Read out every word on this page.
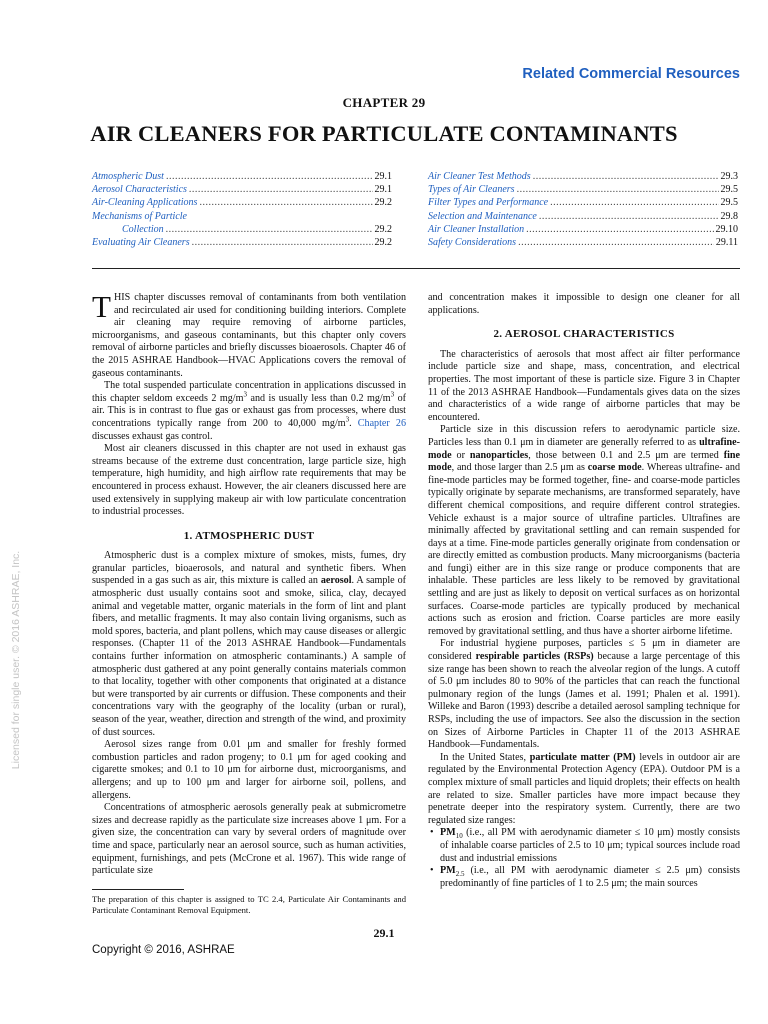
Related Commercial Resources
CHAPTER 29
AIR CLEANERS FOR PARTICULATE CONTAMINANTS
Atmospheric Dust .....	29.1
Aerosol Characteristics .....	29.1
Air-Cleaning Applications .....	29.2
Mechanisms of Particle
Collection .....	29.2
Evaluating Air Cleaners .....	29.2
Air Cleaner Test Methods .....	29.3
Types of Air Cleaners .....	29.5
Filter Types and Performance .....	29.5
Selection and Maintenance .....	29.8
Air Cleaner Installation .....	29.10
Safety Considerations .....	29.11
Licensed for single user. © 2016 ASHRAE, Inc.

THIS chapter discusses removal of contaminants from both ventilation and recirculated air used for conditioning building interiors. Complete air cleaning may require removing of airborne particles, microorganisms, and gaseous contaminants, but this chapter only covers removal of airborne particles and briefly discusses bioaerosols. Chapter 46 of the 2015 ASHRAE Handbook—HVAC Applications covers the removal of gaseous contaminants.

The total suspended particulate concentration in applications discussed in this chapter seldom exceeds 2 $mg/m^3$ and is usually less than 0.2 $mg/m^3$ of air. This is in contrast to flue gas or exhaust gas from processes, where dust concentrations typically range from 200 to 40,000 $mg/m^3$. Chapter 26 discusses exhaust gas control.

Most air cleaners discussed in this chapter are not used in exhaust gas streams because of the extreme dust concentration, large particle size, high temperature, high humidity, and high airflow rate requirements that may be encountered in process exhaust. However, the air cleaners discussed here are used extensively in supplying makeup air with low particulate concentration to industrial processes.

1. ATMOSPHERIC DUST

Atmospheric dust is a complex mixture of smokes, mists, fumes, dry granular particles, bioaerosols, and natural and synthetic fibers. When suspended in a gas such as air, this mixture is called an aerosol. A sample of atmospheric dust usually contains soot and smoke, silica, clay, decayed animal and vegetable matter, organic materials in the form of lint and plant fibers, and metallic fragments. It may also contain living organisms, such as mold spores, bacteria, and plant pollens, which may cause diseases or allergic responses. (Chapter 11 of the 2013 ASHRAE Handbook—Fundamentals contains further information on atmospheric contaminants.) A sample of atmospheric dust gathered at any point generally contains materials common to that locality, together with other components that originated at a distance but were transported by air currents or diffusion. These components and their concentrations vary with the geography of the locality (urban or rural), season of the year, weather, direction and strength of the wind, and proximity of dust sources.

Aerosol sizes range from 0.01 μm and smaller for freshly formed combustion particles and radon progeny; to 0.1 μm for aged cooking and cigarette smokes; and 0.1 to 10 μm for airborne dust, microorganisms, and allergens; and up to 100 μm and larger for airborne soil, pollens, and allergens.

Concentrations of atmospheric aerosols generally peak at submicrometre sizes and decrease rapidly as the particulate size increases above 1 μm. For a given size, the concentration can vary by several orders of magnitude over time and space, particularly near an aerosol source, such as human activities, equipment, furnishings, and pets (McCrone et al. 1967). This wide range of particulate size

and concentration makes it impossible to design one cleaner for all applications.

2. AEROSOL CHARACTERISTICS

The characteristics of aerosols that most affect air filter performance include particle size and shape, mass, concentration, and electrical properties. The most important of these is particle size. Figure 3 in Chapter 11 of the 2013 ASHRAE Handbook—Fundamentals gives data on the sizes and characteristics of a wide range of airborne particles that may be encountered.

Particle size in this discussion refers to aerodynamic particle size. Particles less than 0.1 μm in diameter are generally referred to as ultrafine-mode or nanoparticles, those between 0.1 and 2.5 μm are termed fine mode, and those larger than 2.5 μm as coarse mode. Whereas ultrafine- and fine-mode particles may be formed together, fine- and coarse-mode particles typically originate by separate mechanisms, are transformed separately, have different chemical compositions, and require different control strategies. Vehicle exhaust is a major source of ultrafine particles. Ultrafines are minimally affected by gravitational settling and can remain suspended for days at a time. Fine-mode particles generally originate from condensation or are directly emitted as combustion products. Many microorganisms (bacteria and fungi) either are in this size range or produce components that are inhalable. These particles are less likely to be removed by gravitational settling and are just as likely to deposit on vertical surfaces as on horizontal surfaces. Coarse-mode particles are typically produced by mechanical actions such as erosion and friction. Coarse particles are more easily removed by gravitational settling, and thus have a shorter airborne lifetime.

For industrial hygiene purposes, particles ≤ 5 μm in diameter are considered respirable particles (RSPs) because a large percentage of this size range has been shown to reach the alveolar region of the lungs. A cutoff of 5.0 μm includes 80 to 90% of the particles that can reach the functional pulmonary region of the lungs (James et al. 1991; Phalen et al. 1991). Willeke and Baron (1993) describe a detailed aerosol sampling technique for RSPs, including the use of impactors. See also the discussion in the section on Sizes of Airborne Particles in Chapter 11 of the 2013 ASHRAE Handbook—Fundamentals.

In the United States, particulate matter (PM) levels in outdoor air are regulated by the Environmental Protection Agency (EPA). Outdoor PM is a complex mixture of small particles and liquid droplets; their effects on health are related to size. Smaller particles have more impact because they penetrate deeper into the respiratory system. Currently, there are two regulated size ranges:

• $PM_{10}$ (i.e., all PM with aerodynamic diameter ≤ 10 μm) mostly consists of inhalable coarse particles of 2.5 to 10 μm; typical sources include road dust and industrial emissions
• $PM_{2.5}$ (i.e., all PM with aerodynamic diameter ≤ 2.5 μm) consists predominantly of fine particles of 1 to 2.5 μm; the main sources
The preparation of this chapter is assigned to TC 2.4, Particulate Air Contaminants and Particulate Contaminant Removal Equipment.
29.1
Copyright © 2016, ASHRAE
